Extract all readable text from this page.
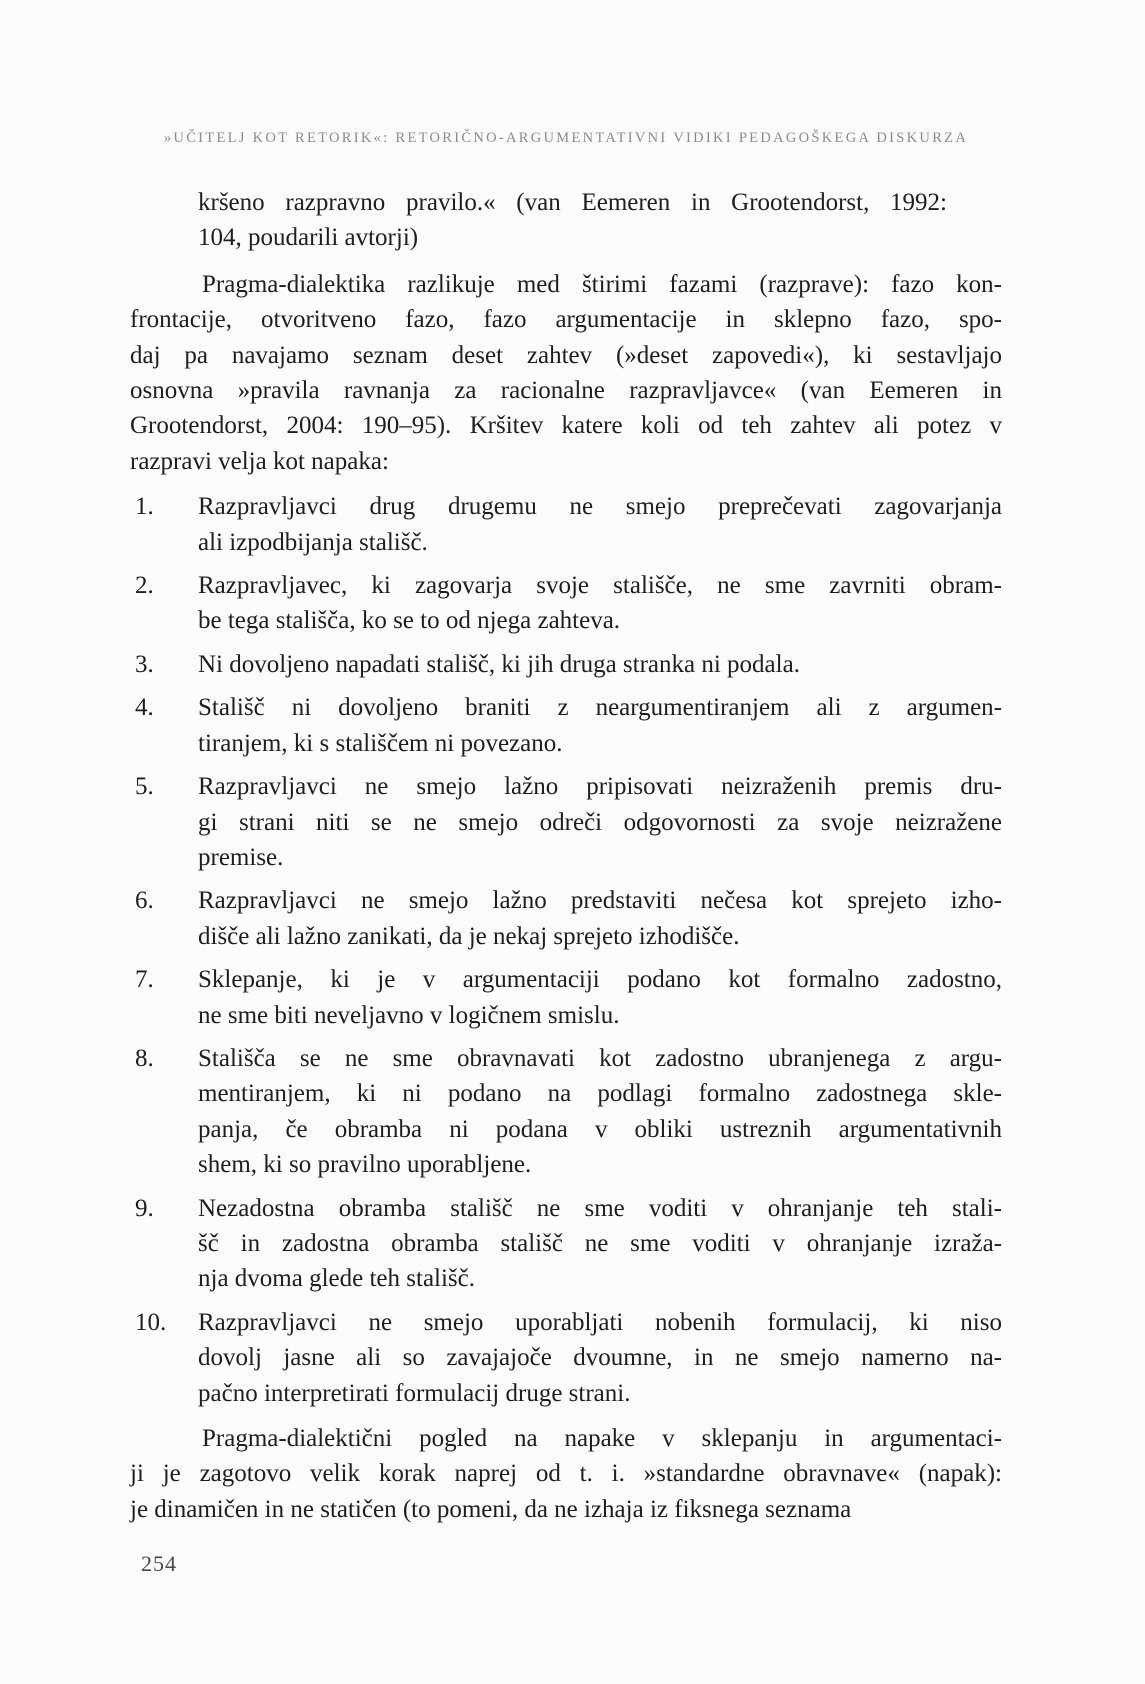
»UČITELJ KOT RETORIK«: RETORIČNO-ARGUMENTATIVNI VIDIKI PEDAGOŠKEGA DISKURZA
kršeno razpravno pravilo.« (van Eemeren in Grootendorst, 1992:
104, poudarili avtorji)
Pragma-dialektika razlikuje med štirimi fazami (razprave): fazo kon-
frontacije, otvoritveno fazo, fazo argumentacije in sklepno fazo, spo-
daj pa navajamo seznam deset zahtev (»deset zapovedi«), ki sestavljajo
osnovna »pravila ravnanja za racionalne razpravljavce« (van Eemeren in
Grootendorst, 2004: 190–95). Kršitev katere koli od teh zahtev ali potez v
razpravi velja kot napaka:
1.	Razpravljavci drug drugemu ne smejo preprečevati zagovarjanja
ali izpodbijanja stališč.
2.	Razpravljavec, ki zagovarja svoje stališče, ne sme zavrniti obram-
be tega stališča, ko se to od njega zahteva.
3.	Ni dovoljeno napadati stališč, ki jih druga stranka ni podala.
4.	Stališč ni dovoljeno braniti z neargumentiranjem ali z argumen-
tiranjem, ki s stališčem ni povezano.
5.	Razpravljavci ne smejo lažno pripisovati neizraženih premis dru-
gi strani niti se ne smejo odreči odgovornosti za svoje neizražene
premise.
6.	Razpravljavci ne smejo lažno predstaviti nečesa kot sprejeto izho-
dišče ali lažno zanikati, da je nekaj sprejeto izhodišče.
7.	Sklepanje, ki je v argumentaciji podano kot formalno zadostno,
ne sme biti neveljavno v logičnem smislu.
8.	Stališča se ne sme obravnavati kot zadostno ubranjenega z argu-
mentiranjem, ki ni podano na podlagi formalno zadostnega skle-
panja, če obramba ni podana v obliki ustreznih argumentativnih
shem, ki so pravilno uporabljene.
9.	Nezadostna obramba stališč ne sme voditi v ohranjanje teh stali-
šč in zadostna obramba stališč ne sme voditi v ohranjanje izraža-
nja dvoma glede teh stališč.
10.	Razpravljavci ne smejo uporabljati nobenih formulacij, ki niso
dovolj jasne ali so zavajajoče dvoumne, in ne smejo namerno na-
pačno interpretirati formulacij druge strani.
Pragma-dialektični pogled na napake v sklepanju in argumentaci-
ji je zagotovo velik korak naprej od t. i. »standardne obravnave« (napak):
je dinamičen in ne statičen (to pomeni, da ne izhaja iz fiksnega seznama
254
